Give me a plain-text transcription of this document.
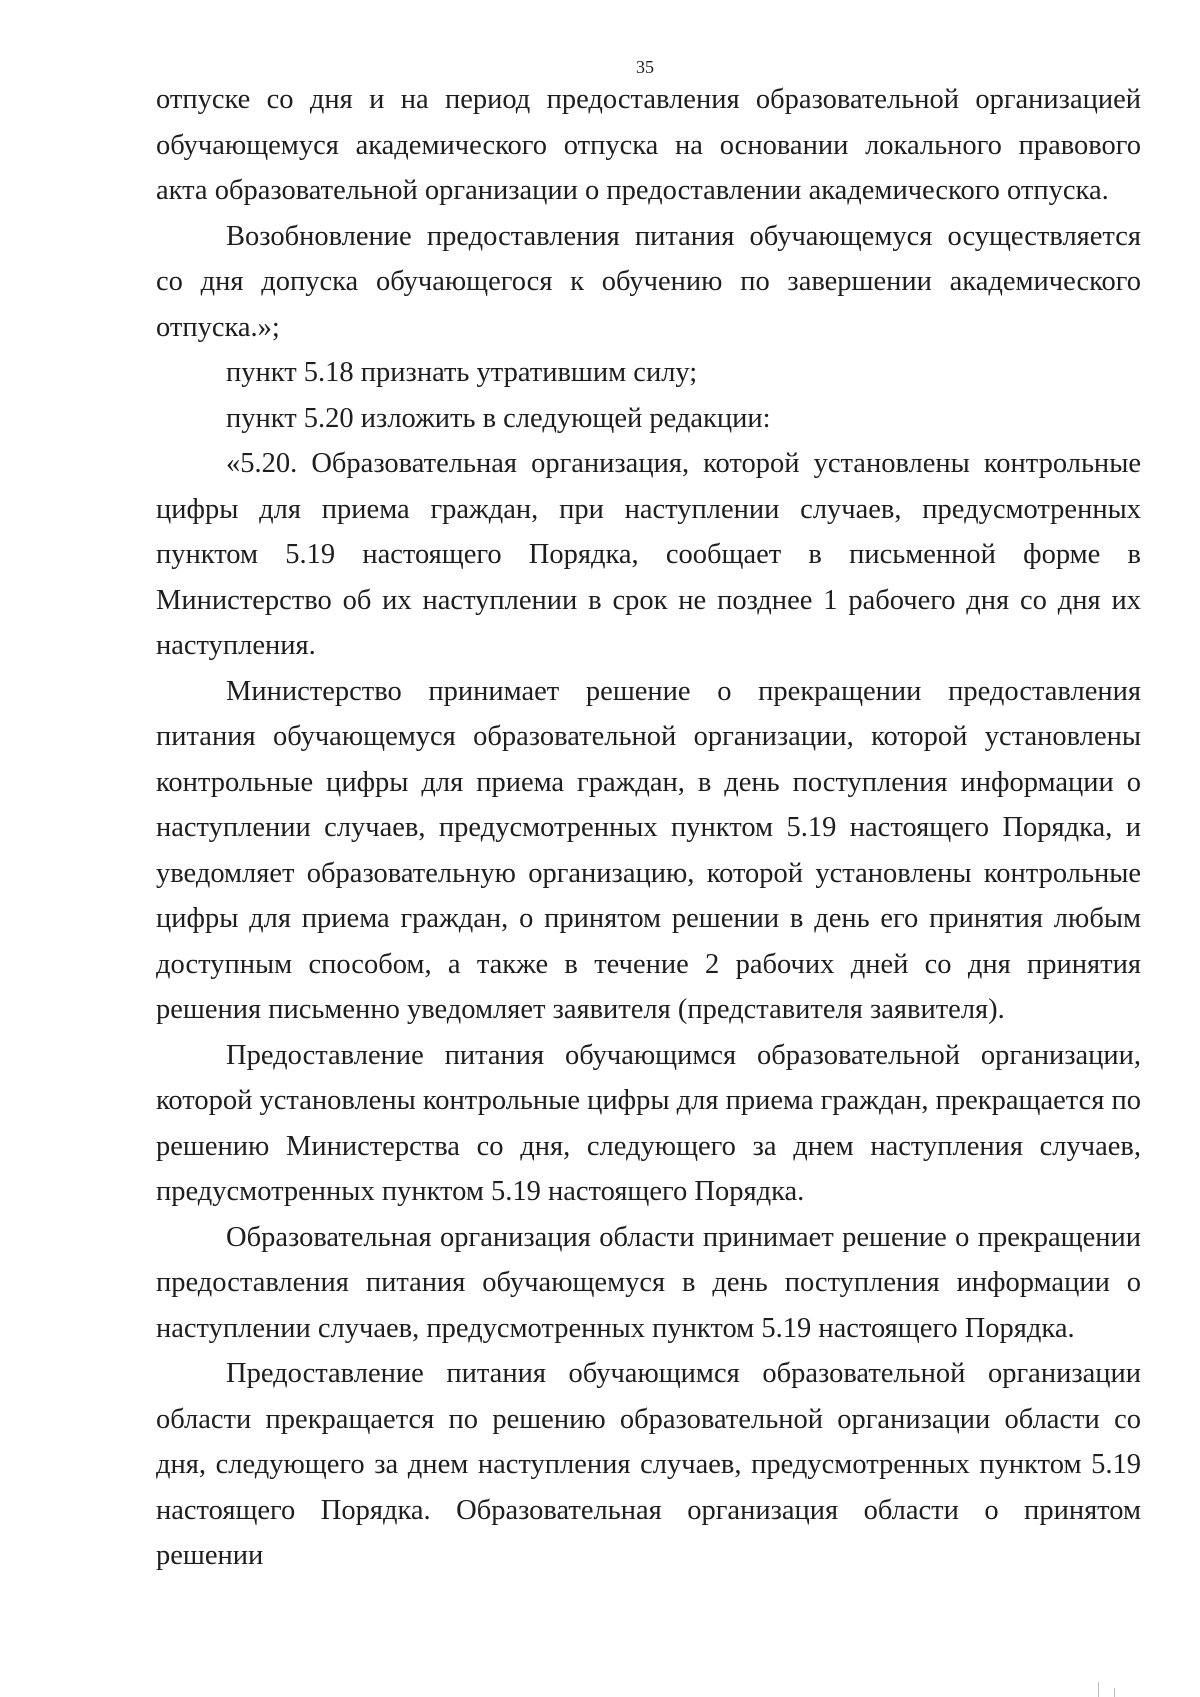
35

отпуске со дня и на период предоставления образовательной организацией обучающемуся академического отпуска на основании локального правового акта образовательной организации о предоставлении академического отпуска.

Возобновление предоставления питания обучающемуся осуществляется со дня допуска обучающегося к обучению по завершении академического отпуска.»;

пункт 5.18 признать утратившим силу;

пункт 5.20 изложить в следующей редакции:

«5.20. Образовательная организация, которой установлены контрольные цифры для приема граждан, при наступлении случаев, предусмотренных пунктом 5.19 настоящего Порядка, сообщает в письменной форме в Министерство об их наступлении в срок не позднее 1 рабочего дня со дня их наступления.

Министерство принимает решение о прекращении предоставления питания обучающемуся образовательной организации, которой установлены контрольные цифры для приема граждан, в день поступления информации о наступлении случаев, предусмотренных пунктом 5.19 настоящего Порядка, и уведомляет образовательную организацию, которой установлены контрольные цифры для приема граждан, о принятом решении в день его принятия любым доступным способом, а также в течение 2 рабочих дней со дня принятия решения письменно уведомляет заявителя (представителя заявителя).

Предоставление питания обучающимся образовательной организации, которой установлены контрольные цифры для приема граждан, прекращается по решению Министерства со дня, следующего за днем наступления случаев, предусмотренных пунктом 5.19 настоящего Порядка.

Образовательная организация области принимает решение о прекращении предоставления питания обучающемуся в день поступления информации о наступлении случаев, предусмотренных пунктом 5.19 настоящего Порядка.

Предоставление питания обучающимся образовательной организации области прекращается по решению образовательной организации области со дня, следующего за днем наступления случаев, предусмотренных пунктом 5.19 настоящего Порядка. Образовательная организация области о принятом решении
